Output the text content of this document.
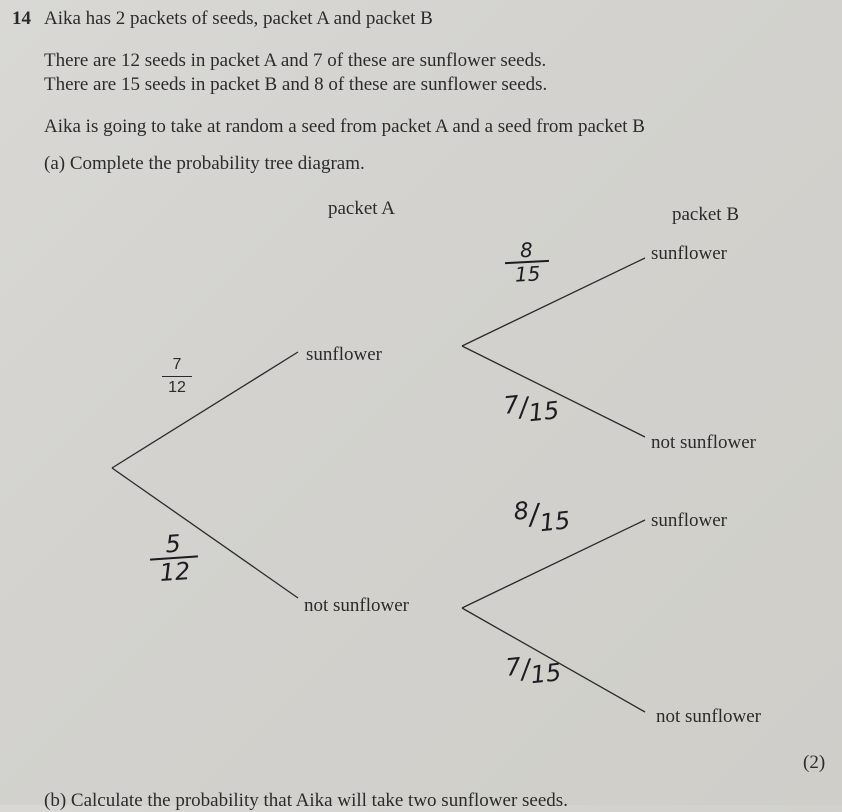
14 Aika has 2 packets of seeds, packet A and packet B
There are 12 seeds in packet A and 7 of these are sunflower seeds.
There are 15 seeds in packet B and 8 of these are sunflower seeds.
Aika is going to take at random a seed from packet A and a seed from packet B
(a) Complete the probability tree diagram.
packet A	packet B
sunflower
not sunflower
sunflower
not sunflower
sunflower
not sunflower
7
12
5
12
8
15
7/15
8/15
7/15
(2)
(b) Calculate the probability that Aika will take two sunflower seeds.
